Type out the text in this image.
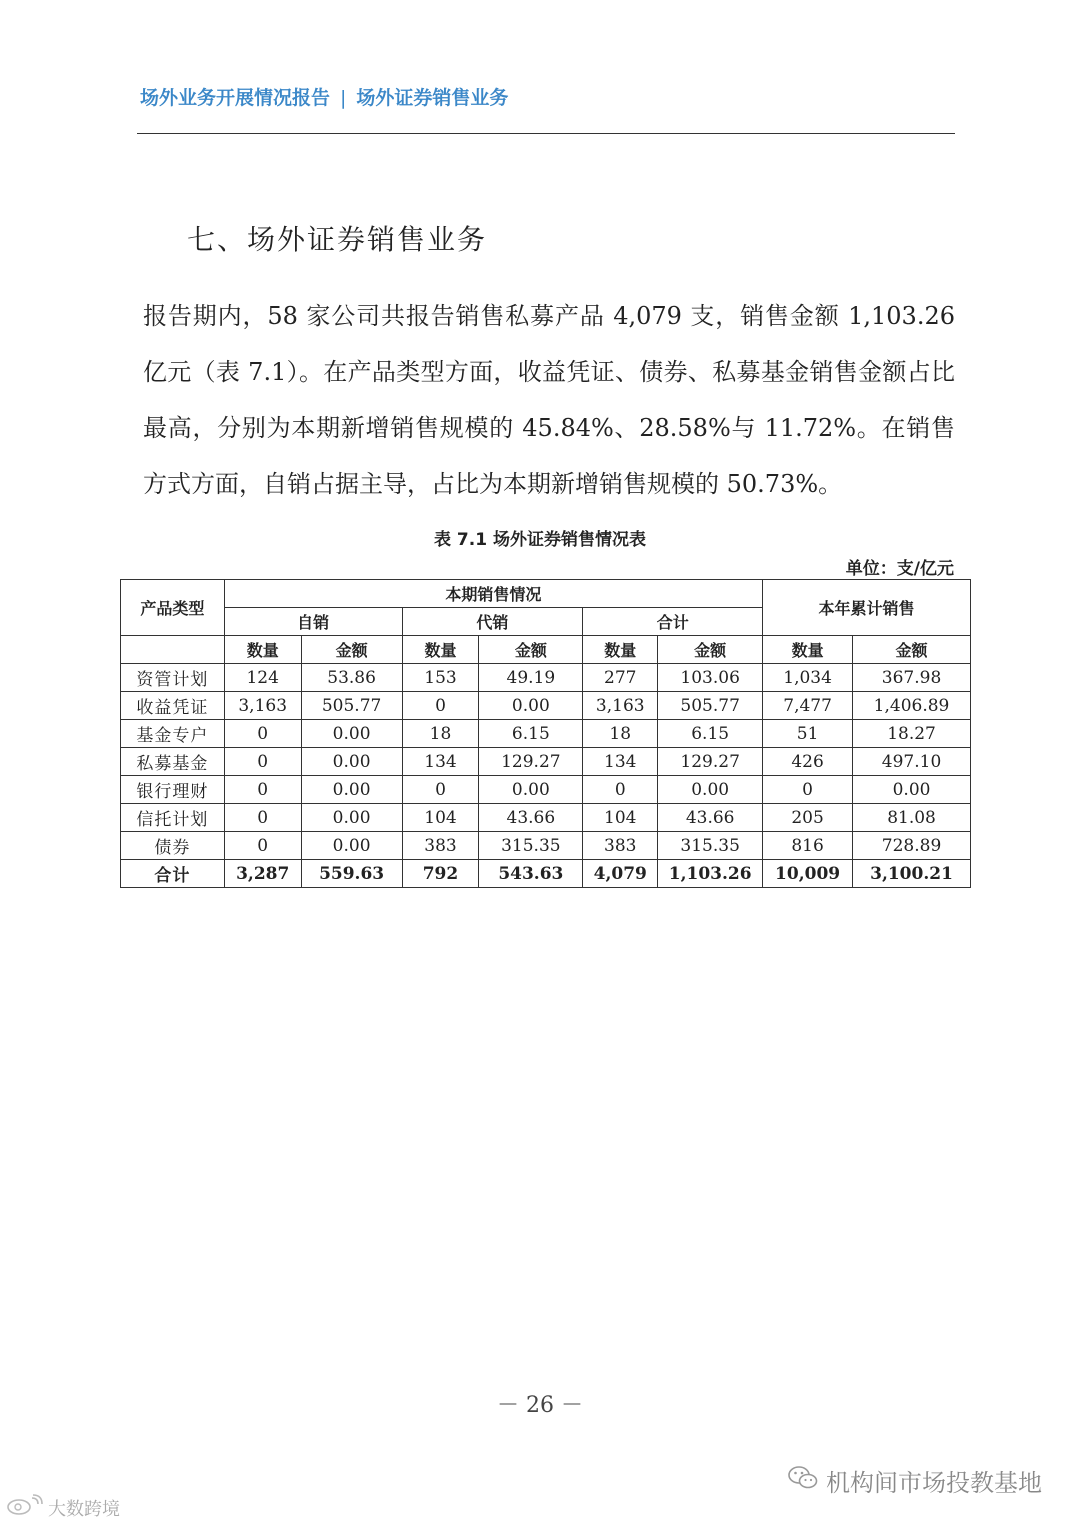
场外业务开展情况报告 | 场外证券销售业务
七、场外证券销售业务
报告期内，58 家公司共报告销售私募产品 4,079 支，销售金额 1,103.26 亿元（表 7.1）。在产品类型方面，收益凭证、债券、私募基金销售金额占比最高，分别为本期新增销售规模的 45.84%、28.58%与 11.72%。在销售方式方面，自销占据主导，占比为本期新增销售规模的 50.73%。
表 7.1 场外证券销售情况表
单位：支/亿元
产品类型	本期销售情况						本年累计销售	
	自销		代销		合计			
	数量	金额	数量	金额	数量	金额	数量	金额
资管计划	124	53.86	153	49.19	277	103.06	1,034	367.98
收益凭证	3,163	505.77	0	0.00	3,163	505.77	7,477	1,406.89
基金专户	0	0.00	18	6.15	18	6.15	51	18.27
私募基金	0	0.00	134	129.27	134	129.27	426	497.10
银行理财	0	0.00	0	0.00	0	0.00	0	0.00
信托计划	0	0.00	104	43.66	104	43.66	205	81.08
债券	0	0.00	383	315.35	383	315.35	816	728.89
合计	3,287	559.63	792	543.63	4,079	1,103.26	10,009	3,100.21
－ 26 －
机构间市场投教基地
大数跨境
